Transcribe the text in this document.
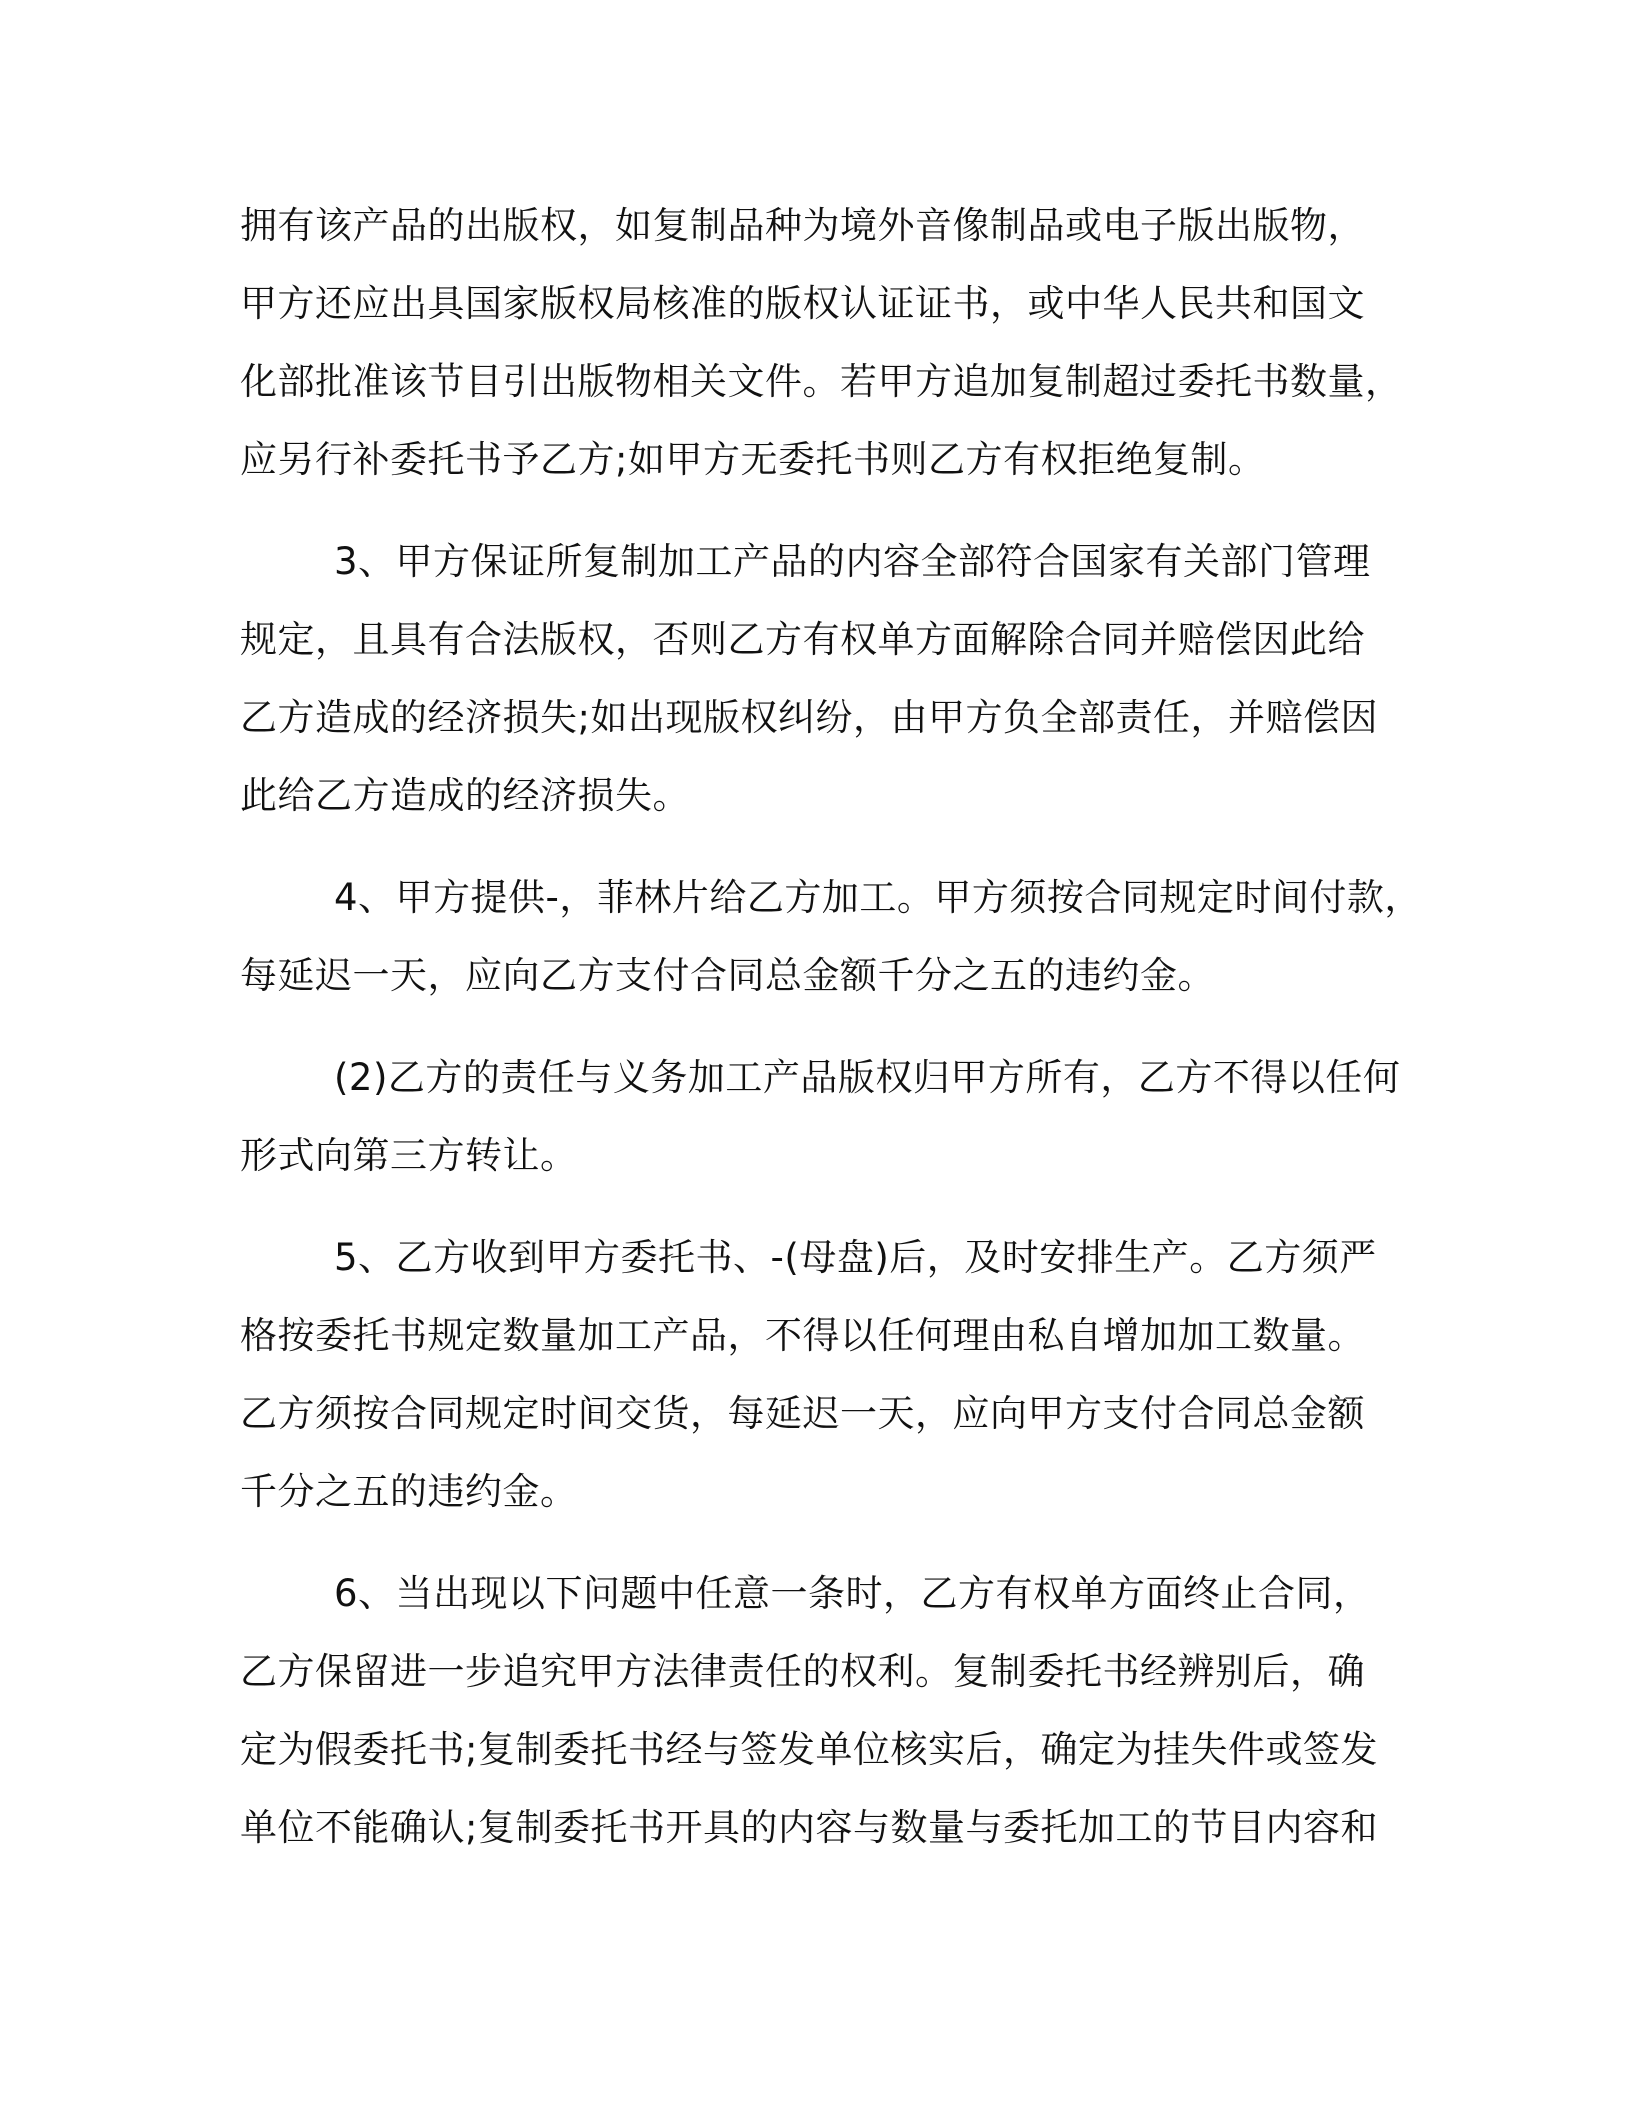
拥有该产品的出版权，如复制品种为境外音像制品或电子版出版物，
甲方还应出具国家版权局核准的版权认证证书，或中华人民共和国文
化部批准该节目引出版物相关文件。若甲方追加复制超过委托书数量，
应另行补委托书予乙方;如甲方无委托书则乙方有权拒绝复制。
3、甲方保证所复制加工产品的内容全部符合国家有关部门管理
规定，且具有合法版权，否则乙方有权单方面解除合同并赔偿因此给
乙方造成的经济损失;如出现版权纠纷，由甲方负全部责任，并赔偿因
此给乙方造成的经济损失。
4、甲方提供-，菲林片给乙方加工。甲方须按合同规定时间付款，
每延迟一天，应向乙方支付合同总金额千分之五的违约金。
(2)乙方的责任与义务加工产品版权归甲方所有，乙方不得以任何
形式向第三方转让。
5、乙方收到甲方委托书、-(母盘)后，及时安排生产。乙方须严
格按委托书规定数量加工产品，不得以任何理由私自增加加工数量。
乙方须按合同规定时间交货，每延迟一天，应向甲方支付合同总金额
千分之五的违约金。
6、当出现以下问题中任意一条时，乙方有权单方面终止合同，
乙方保留进一步追究甲方法律责任的权利。复制委托书经辨别后，确
定为假委托书;复制委托书经与签发单位核实后，确定为挂失件或签发
单位不能确认;复制委托书开具的内容与数量与委托加工的节目内容和
